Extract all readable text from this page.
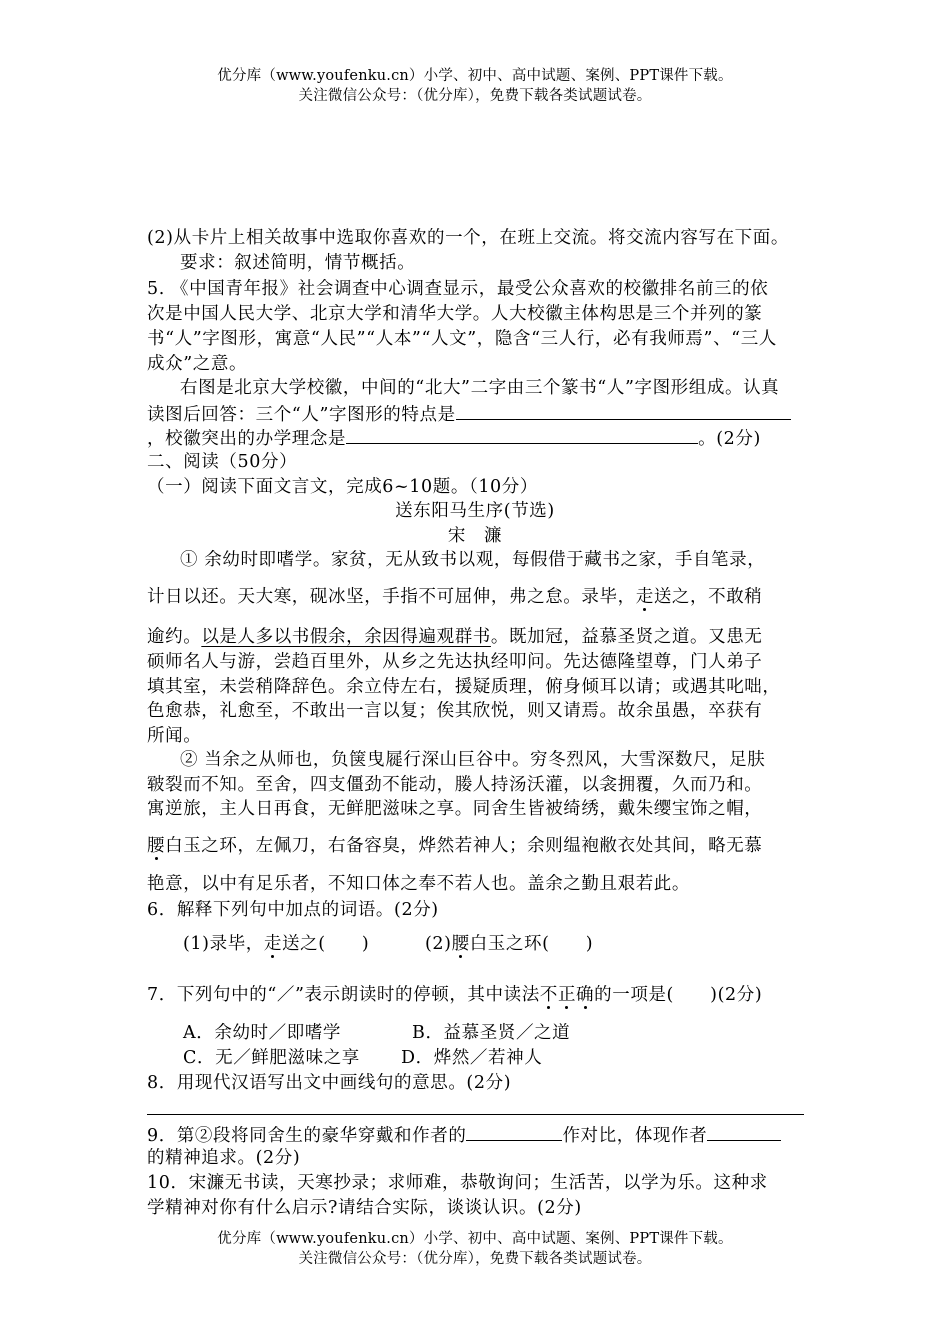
优分库（www.youfenku.cn）小学、初中、高中试题、案例、PPT课件下载。
关注微信公众号：（优分库），免费下载各类试题试卷。
(2)从卡片上相关故事中选取你喜欢的一个，在班上交流。将交流内容写在下面。
要求：叙述简明，情节概括。
5. 《中国青年报》社会调查中心调查显示，最受公众喜欢的校徽排名前三的依
次是中国人民大学、北京大学和清华大学。人大校徽主体构思是三个并列的篆
书“人”字图形，寓意“人民”“人本”“人文”，隐含“三人行，必有我师焉”、“三人
成众”之意。
右图是北京大学校徽，中间的“北大”二字由三个篆书“人”字图形组成。认真
读图后回答：三个“人”字图形的特点是
，校徽突出的办学理念是	。(2分)
二、阅读（50分）
（一）阅读下面文言文，完成6~10题。（10分）
送东阳马生序(节选)
宋　濂
① 余幼时即嗜学。家贫，无从致书以观，每假借于藏书之家，手自笔录，
计日以还。天大寒，砚冰坚，手指不可屈伸，弗之怠。录毕，走送之，不敢稍
逾约。以是人多以书假余，余因得遍观群书。既加冠，益慕圣贤之道。又患无
硕师名人与游，尝趋百里外，从乡之先达执经叩问。先达德隆望尊，门人弟子
填其室，未尝稍降辞色。余立侍左右，援疑质理，俯身倾耳以请；或遇其叱咄，
色愈恭，礼愈至，不敢出一言以复；俟其欣悦，则又请焉。故余虽愚，卒获有
所闻。
② 当余之从师也，负箧曳屣行深山巨谷中。穷冬烈风，大雪深数尺，足肤
皲裂而不知。至舍，四支僵劲不能动，媵人持汤沃灌，以衾拥覆，久而乃和。
寓逆旅，主人日再食，无鲜肥滋味之享。同舍生皆被绮绣，戴朱缨宝饰之帽，
腰白玉之环，左佩刀，右备容臭，烨然若神人；余则缊袍敝衣处其间，略无慕
艳意，以中有足乐者，不知口体之奉不若人也。盖余之勤且艰若此。
6．解释下列句中加点的词语。(2分)
(1)录毕，走送之(　　)	(2)腰白玉之环(　　)
7．下列句中的“／”表示朗读时的停顿，其中读法不正确的一项是(　　)(2分)
A．余幼时／即嗜学	B．益慕圣贤／之道
C．无／鲜肥滋味之享 D．烨然／若神人
8．用现代汉语写出文中画线句的意思。(2分)
9．第②段将同舍生的豪华穿戴和作者的	作对比，体现作者
的精神追求。(2分)
10．宋濂无书读，天寒抄录；求师难，恭敬询问；生活苦，以学为乐。这种求
学精神对你有什么启示?请结合实际，谈谈认识。(2分)
优分库（www.youfenku.cn）小学、初中、高中试题、案例、PPT课件下载。
关注微信公众号：（优分库），免费下载各类试题试卷。
